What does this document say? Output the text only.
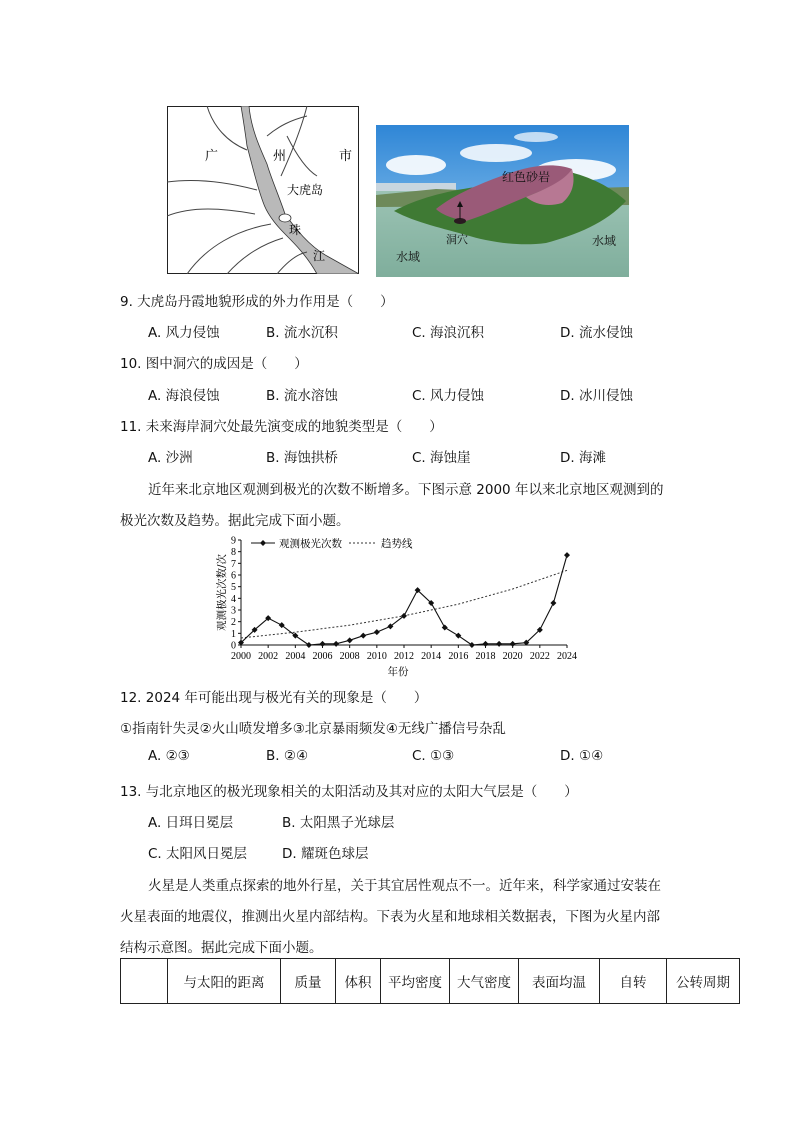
广	州	市
大虎岛
珠
江
红色砂岩
洞穴
水域
水域
9. 大虎岛丹霞地貌形成的外力作用是（　　）
A. 风力侵蚀	B. 流水沉积	C. 海浪沉积	D. 流水侵蚀
10. 图中洞穴的成因是（　　）
A. 海浪侵蚀	B. 流水溶蚀	C. 风力侵蚀	D. 冰川侵蚀
11. 未来海岸洞穴处最先演变成的地貌类型是（　　）
A. 沙洲	B. 海蚀拱桥	C. 海蚀崖	D. 海滩
近年来北京地区观测到极光的次数不断增多。下图示意 2000 年以来北京地区观测到的
极光次数及趋势。据此完成下面小题。
0
1
2
3
4
5
6
7
8
9
2000 2002 2004 2006 2008 2010 2012 2014 2016 2018 2020 2022 2024
年份
观测极光次数/次
观测极光次数	趋势线
12. 2024 年可能出现与极光有关的现象是（　　）
①指南针失灵②火山喷发增多③北京暴雨频发④无线广播信号杂乱
A. ②③	B. ②④	C. ①③	D. ①④
13. 与北京地区的极光现象相关的太阳活动及其对应的太阳大气层是（　　）
A. 日珥日冕层	B. 太阳黑子光球层
C. 太阳风日冕层	D. 耀斑色球层
火星是人类重点探索的地外行星，关于其宜居性观点不一。近年来，科学家通过安装在
火星表面的地震仪，推测出火星内部结构。下表为火星和地球相关数据表，下图为火星内部
结构示意图。据此完成下面小题。
	与太阳的距离	质量	体积	平均密度	大气密度	表面均温	自转	公转周期
